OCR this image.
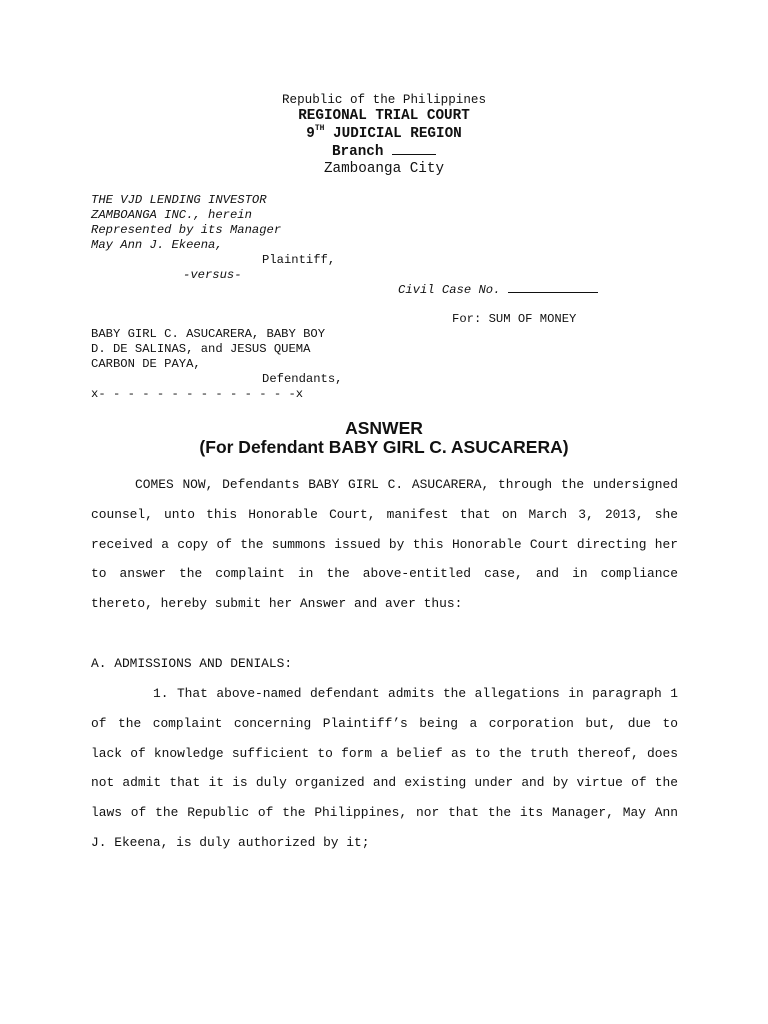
Republic of the Philippines
REGIONAL TRIAL COURT
9TH JUDICIAL REGION
Branch
Zamboanga City
THE VJD LENDING INVESTOR
ZAMBOANGA INC., herein
Represented by its Manager
May Ann J. Ekeena,
Plaintiff,
-versus-
Civil Case No.
For: SUM OF MONEY
BABY GIRL C. ASUCARERA, BABY BOY
D. DE SALINAS, and JESUS QUEMA
CARBON DE PAYA,
Defendants,
x- - - - - - - - - - - - - -x
ASNWER
(For Defendant BABY GIRL C. ASUCARERA)
COMES NOW, Defendants BABY GIRL C. ASUCARERA, through the undersigned counsel, unto this Honorable Court, manifest that on March 3, 2013, she received a copy of the summons issued by this Honorable Court directing her to answer the complaint in the above-entitled case, and in compliance thereto, hereby submit her Answer and aver thus:
A. ADMISSIONS AND DENIALS:
1. That above-named defendant admits the allegations in paragraph 1 of the complaint concerning Plaintiff’s being a corporation but, due to lack of knowledge sufficient to form a belief as to the truth thereof, does not admit that it is duly organized and existing under and by virtue of the laws of the Republic of the Philippines, nor that the its Manager, May Ann J. Ekeena, is duly authorized by it;
